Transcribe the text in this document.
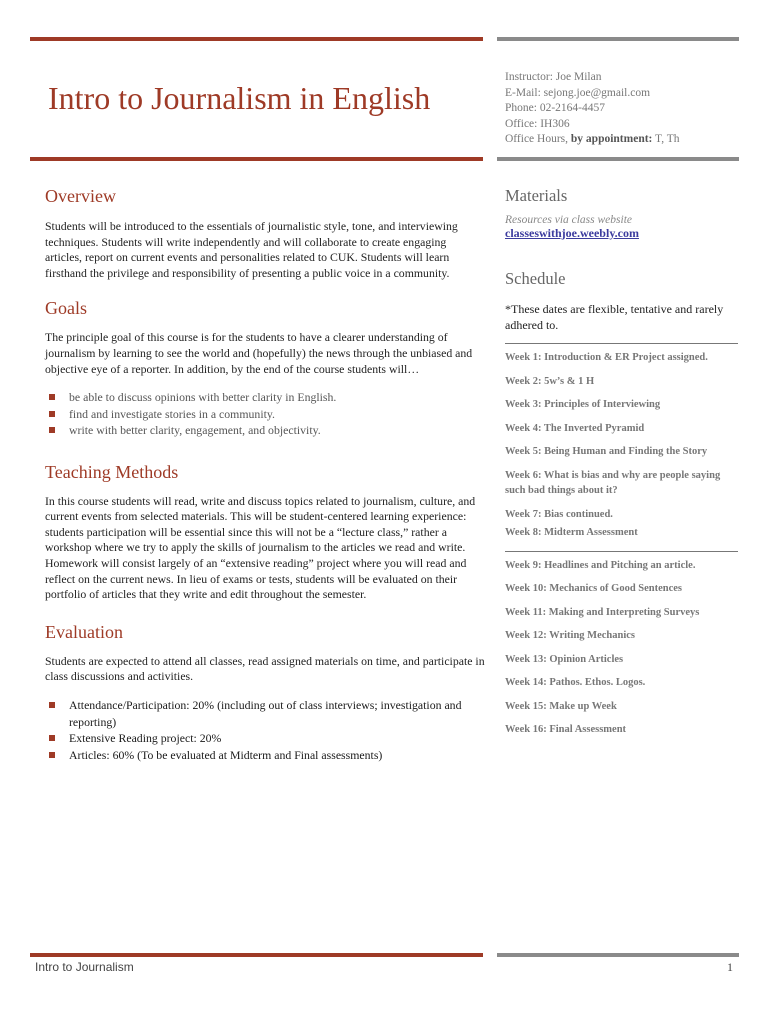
Intro to Journalism in English
Instructor: Joe Milan
E-Mail: sejong.joe@gmail.com
Phone: 02-2164-4457
Office: IH306
Office Hours, by appointment: T, Th
Overview

Students will be introduced to the essentials of journalistic style, tone, and interviewing techniques. Students will write independently and will collaborate to create engaging articles, report on current events and personalities related to CUK. Students will learn firsthand the privilege and responsibility of presenting a public voice in a community.

Goals

The principle goal of this course is for the students to have a clearer understanding of journalism by learning to see the world and (hopefully) the news through the unbiased and objective eye of a reporter. In addition, by the end of the course students will…

be able to discuss opinions with better clarity in English.
find and investigate stories in a community.
write with better clarity, engagement, and objectivity.
Teaching Methods

In this course students will read, write and discuss topics related to journalism, culture, and current events from selected materials. This will be student-centered learning experience: students participation will be essential since this will not be a “lecture class,” rather a workshop where we try to apply the skills of journalism to the articles we read and write. Homework will consist largely of an “extensive reading” project where you will read and reflect on the current news. In lieu of exams or tests, students will be evaluated on their portfolio of articles that they write and edit throughout the semester.

Evaluation

Students are expected to attend all classes, read assigned materials on time, and participate in class discussions and activities.

Attendance/Participation: 20% (including out of class interviews; investigation and reporting)
Extensive Reading project: 20%
Articles: 60% (To be evaluated at Midterm and Final assessments)
Materials
Resources via class website
classeswithjoe.weebly.com
Schedule
*These dates are flexible, tentative and rarely adhered to.
Week 1: Introduction & ER Project assigned.
Week 2: 5w’s & 1 H
Week 3: Principles of Interviewing
Week 4: The Inverted Pyramid
Week 5: Being Human and Finding the Story
Week 6: What is bias and why are people saying such bad things about it?
Week 7: Bias continued.
Week 8: Midterm Assessment
Week 9: Headlines and Pitching an article.
Week 10: Mechanics of Good Sentences
Week 11: Making and Interpreting Surveys
Week 12: Writing Mechanics
Week 13: Opinion Articles
Week 14: Pathos. Ethos. Logos.
Week 15: Make up Week
Week 16: Final Assessment
Intro to Journalism	1
